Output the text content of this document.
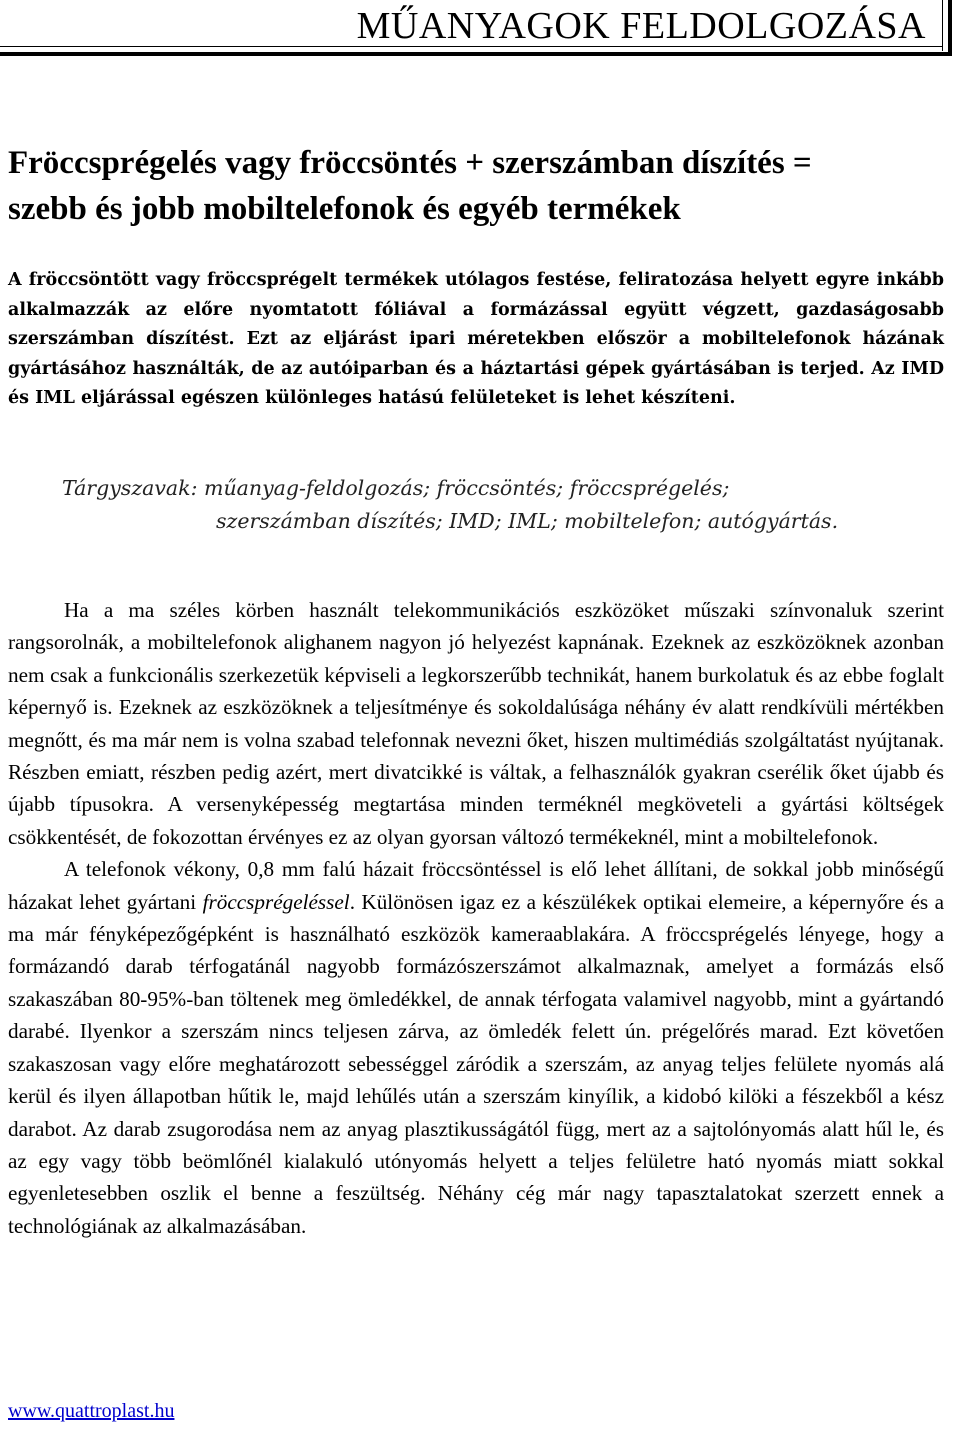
MŰANYAGOK FELDOLGOZÁSA
Fröccsprégelés vagy fröccsöntés + szerszámban díszítés =
szebb és jobb mobiltelefonok és egyéb termékek

A fröccsöntött vagy fröccsprégelt termékek utólagos festése, feliratozása helyett egyre inkább alkalmazzák az előre nyomtatott fóliával a formázással együtt végzett, gazdaságosabb szerszámban díszítést. Ezt az eljárást ipari méretekben először a mobiltelefonok házának gyártásához használták, de az autóiparban és a háztartási gépek gyártásában is terjed. Az IMD és IML eljárással egészen különleges hatású felületeket is lehet készíteni.

Tárgyszavak: műanyag-feldolgozás; fröccsöntés; fröccsprégelés;
szerszámban díszítés; IMD; IML; mobiltelefon; autógyártás.

Ha a ma széles körben használt telekommunikációs eszközöket műszaki színvonaluk szerint rangsorolnák, a mobiltelefonok alighanem nagyon jó helyezést kapnának. Ezeknek az eszközöknek azonban nem csak a funkcionális szerkezetük képviseli a legkorszerűbb technikát, hanem burkolatuk és az ebbe foglalt képernyő is. Ezeknek az eszközöknek a teljesítménye és sokoldalúsága néhány év alatt rendkívüli mértékben megnőtt, és ma már nem is volna szabad telefonnak nevezni őket, hiszen multimédiás szolgáltatást nyújtanak. Részben emiatt, részben pedig azért, mert divatcikké is váltak, a felhasználók gyakran cserélik őket újabb és újabb típusokra. A versenyképesség megtartása minden terméknél megköveteli a gyártási költségek csökkentését, de fokozottan érvényes ez az olyan gyorsan változó termékeknél, mint a mobiltelefonok.

A telefonok vékony, 0,8 mm falú házait fröccsöntéssel is elő lehet állítani, de sokkal jobb minőségű házakat lehet gyártani fröccsprégeléssel. Különösen igaz ez a készülékek optikai elemeire, a képernyőre és a ma már fényképezőgépként is használható eszközök kameraablakára. A fröccsprégelés lényege, hogy a formázandó darab térfogatánál nagyobb formázószerszámot alkalmaznak, amelyet a formázás első szakaszában 80-95%-ban töltenek meg ömledékkel, de annak térfogata valamivel nagyobb, mint a gyártandó darabé. Ilyenkor a szerszám nincs teljesen zárva, az ömledék felett ún. prégelőrés marad. Ezt követően szakaszosan vagy előre meghatározott sebességgel záródik a szerszám, az anyag teljes felülete nyomás alá kerül és ilyen állapotban hűtik le, majd lehűlés után a szerszám kinyílik, a kidobó kilöki a fészekből a kész darabot. Az darab zsugorodása nem az anyag plasztikusságától függ, mert az a sajtolónyomás alatt hűl le, és az egy vagy több beömlőnél kialakuló utónyomás helyett a teljes felületre ható nyomás miatt sokkal egyenletesebben oszlik el benne a feszültség. Néhány cég már nagy tapasztalatokat szerzett ennek a technológiának az alkalmazásában.

www.quattroplast.hu
